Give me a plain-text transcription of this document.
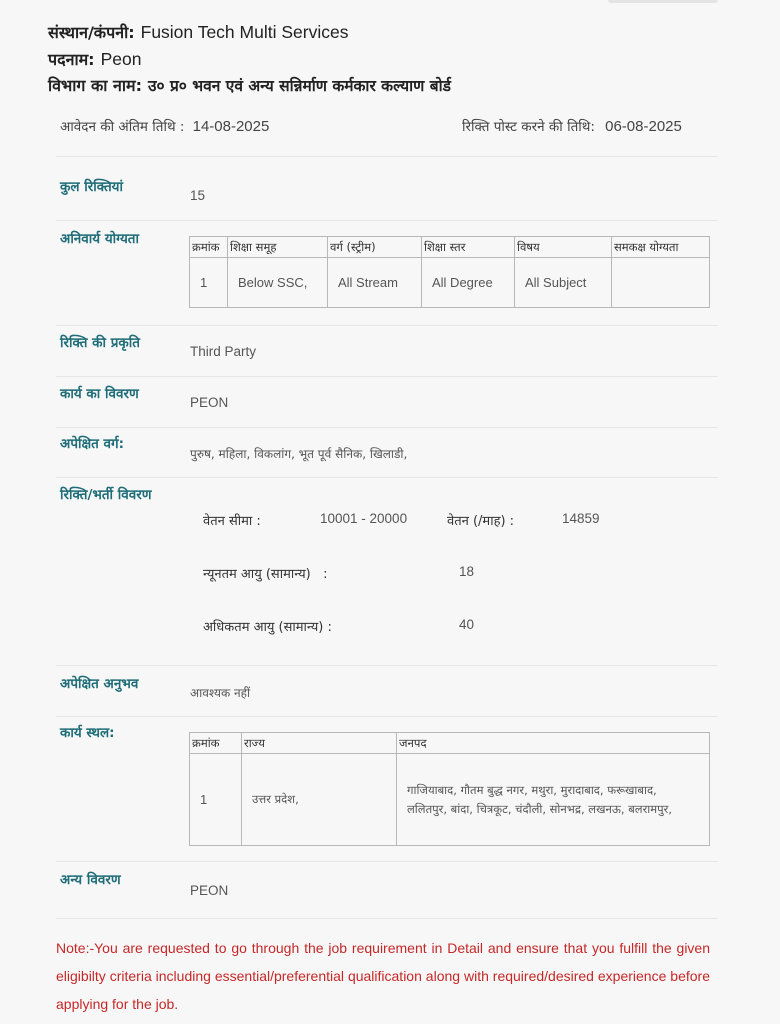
संस्थान/कंपनी: Fusion Tech Multi Services
पदनाम: Peon
विभाग का नाम: उ० प्र० भवन एवं अन्य सन्निर्माण कर्मकार कल्याण बोर्ड
आवेदन की अंतिम तिथि : 14-08-2025	रिक्ति पोस्ट करने की तिथि: 06-08-2025
कुल रिक्तियां
15
अनिवार्य योग्यता	क्रमांक	शिक्षा समूह	वर्ग (स्ट्रीम)	शिक्षा स्तर	विषय	समकक्ष योग्यता
1	Below SSC,	All Stream	All Degree	All Subject	
रिक्ति की प्रकृति
Third Party
कार्य का विवरण
PEON
अपेक्षित वर्ग:
पुरुष, महिला, विकलांग, भूत पूर्व सैनिक, खिलाडी,
रिक्ति/भर्ती विवरण
वेतन सीमा :	10001 - 20000	वेतन (/माह) :	14859
न्यूनतम आयु (सामान्य)   :	18
अधिकतम आयु (सामान्य) :	40
अपेक्षित अनुभव
आवश्यक नहीं
कार्य स्थल:
क्रमांक	राज्य	जनपद
1	उत्तर प्रदेश,	गाजियाबाद, गौतम बुद्ध नगर, मथुरा, मुरादाबाद, फरूखाबाद, ललितपुर, बांदा, चित्रकूट, चंदौली, सोनभद्र, लखनऊ, बलरामपुर,
अन्य विवरण
PEON
Note:-You are requested to go through the job requirement in Detail and ensure that you fulfill the given eligibilty criteria including essential/preferential qualification along with required/desired experience before applying for the job.
